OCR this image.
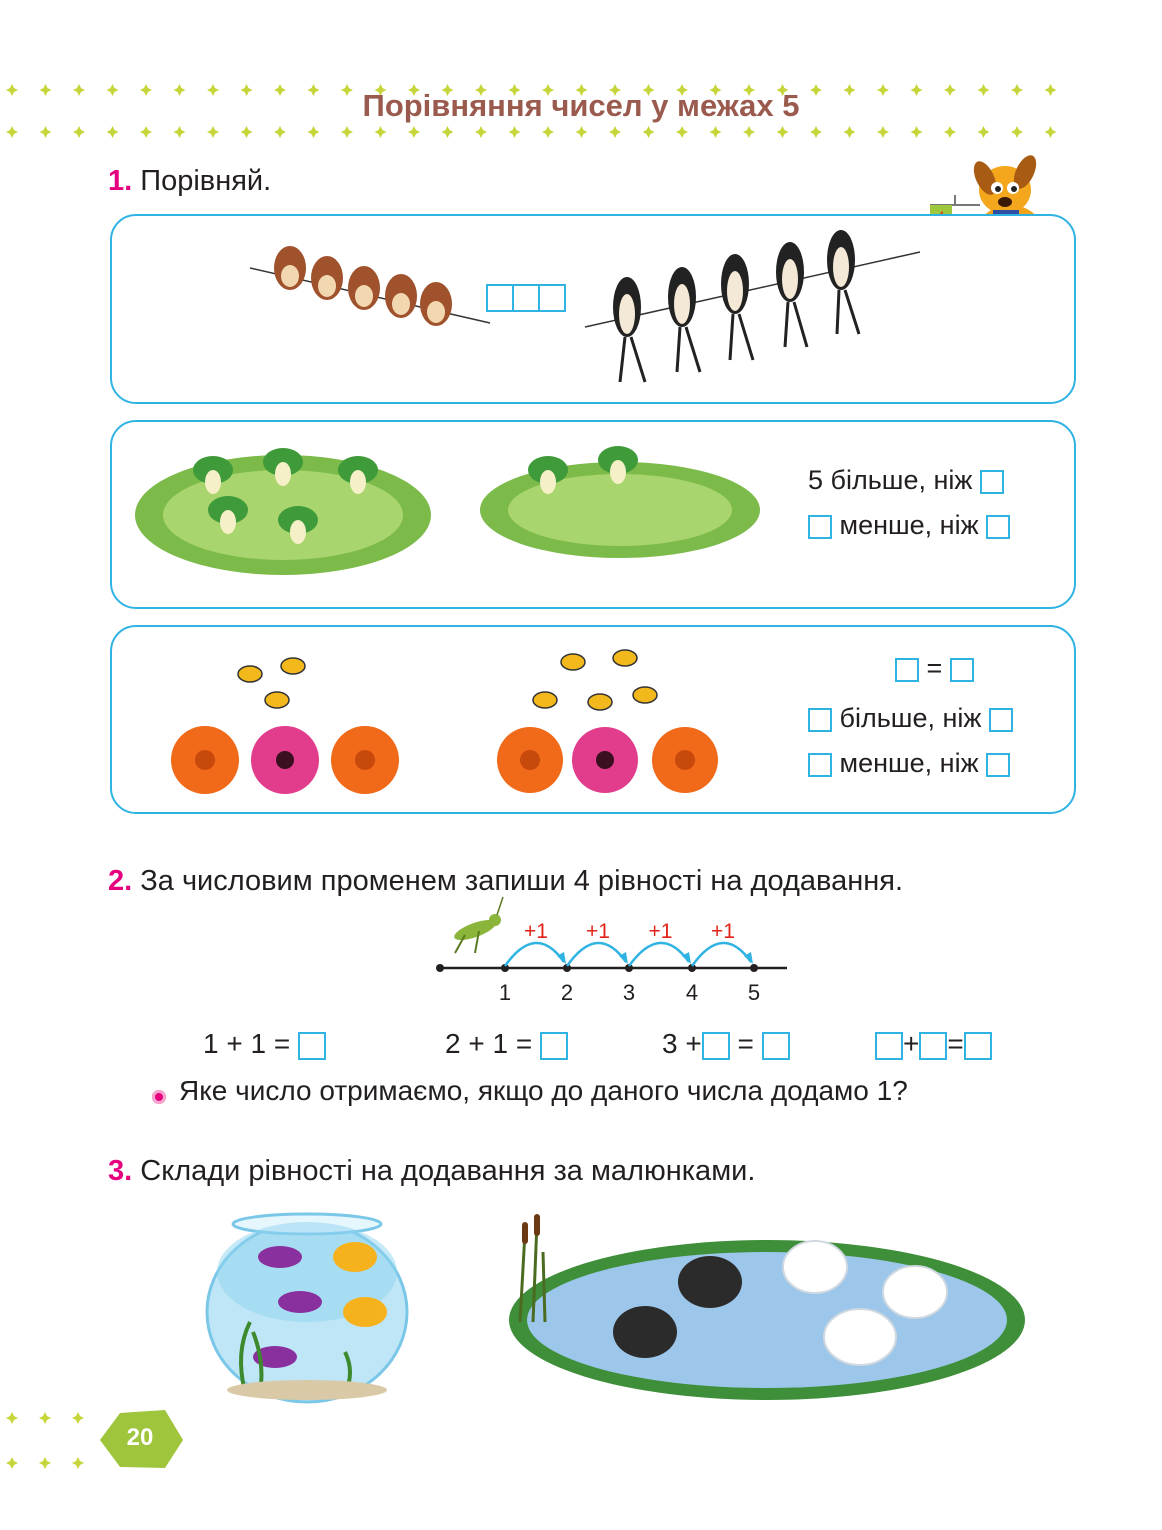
Порівняння чисел у межах 5
1. Порівняй.
5 більше, ніж
менше, ніж
=
більше, ніж
менше, ніж
2. За числовим променем запиши 4 рівності на додавання.
1 2 3 4 5
+1 +1 +1 +1
1 + 1 =	2 + 1 =	3 + =	+ =
Яке число отримаємо, якщо до даного числа додамо 1?
3. Склади рівності на додавання за малюнками.
20
